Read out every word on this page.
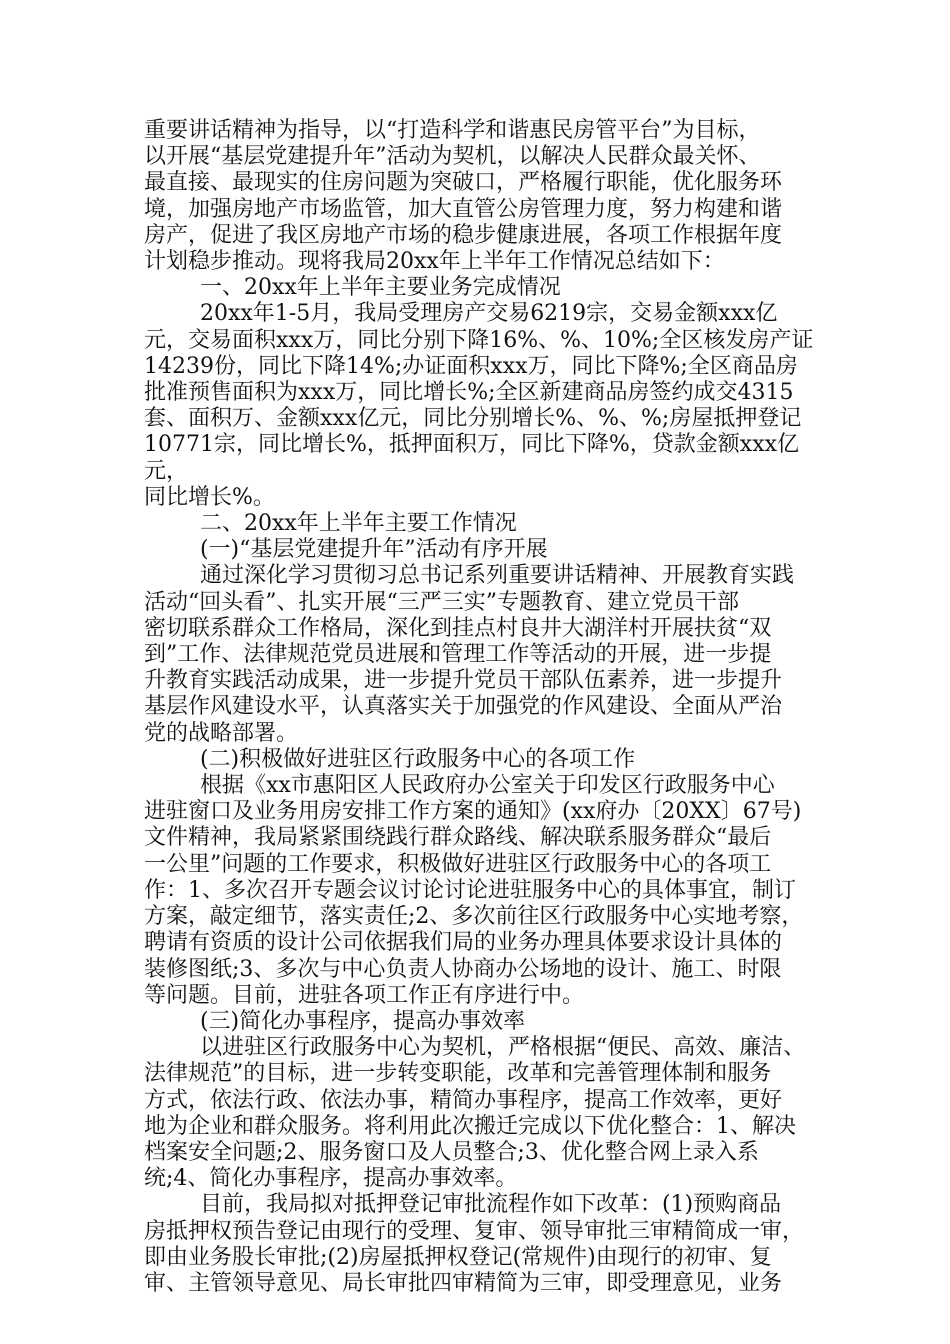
重要讲话精神为指导，以“打造科学和谐惠民房管平台”为目标，
以开展“基层党建提升年”活动为契机，以解决人民群众最关怀、
最直接、最现实的住房问题为突破口，严格履行职能，优化服务环
境，加强房地产市场监管，加大直管公房管理力度，努力构建和谐
房产，促进了我区房地产市场的稳步健康进展，各项工作根据年度
计划稳步推动。现将我局20xx年上半年工作情况总结如下：

一、20xx年上半年主要业务完成情况

20xx年1-5月，我局受理房产交易6219宗，交易金额xxx亿
元，交易面积xxx万，同比分别下降16%、%、10%;全区核发房产证
14239份，同比下降14%;办证面积xxx万，同比下降%;全区商品房
批准预售面积为xxx万，同比增长%;全区新建商品房签约成交4315
套、面积万、金额xxx亿元，同比分别增长%、%、%;房屋抵押登记
10771宗，同比增长%，抵押面积万，同比下降%，贷款金额xxx亿元，
同比增长%。

二、20xx年上半年主要工作情况

(一)“基层党建提升年”活动有序开展

通过深化学习贯彻习总书记系列重要讲话精神、开展教育实践
活动“回头看”、扎实开展“三严三实”专题教育、建立党员干部
密切联系群众工作格局，深化到挂点村良井大湖洋村开展扶贫“双
到”工作、法律规范党员进展和管理工作等活动的开展，进一步提
升教育实践活动成果，进一步提升党员干部队伍素养，进一步提升
基层作风建设水平，认真落实关于加强党的作风建设、全面从严治
党的战略部署。

(二)积极做好进驻区行政服务中心的各项工作

根据《xx市惠阳区人民政府办公室关于印发区行政服务中心
进驻窗口及业务用房安排工作方案的通知》(xx府办〔20XX〕67号)
文件精神，我局紧紧围绕践行群众路线、解决联系服务群众“最后
一公里”问题的工作要求，积极做好进驻区行政服务中心的各项工
作：1、多次召开专题会议讨论讨论进驻服务中心的具体事宜，制订
方案，敲定细节，落实责任;2、多次前往区行政服务中心实地考察，
聘请有资质的设计公司依据我们局的业务办理具体要求设计具体的
装修图纸;3、多次与中心负责人协商办公场地的设计、施工、时限
等问题。目前，进驻各项工作正有序进行中。

(三)简化办事程序，提高办事效率

以进驻区行政服务中心为契机，严格根据“便民、高效、廉洁、
法律规范”的目标，进一步转变职能，改革和完善管理体制和服务
方式，依法行政、依法办事，精简办事程序，提高工作效率，更好
地为企业和群众服务。将利用此次搬迁完成以下优化整合：1、解决
档案安全问题;2、服务窗口及人员整合;3、优化整合网上录入系
统;4、简化办事程序，提高办事效率。

目前，我局拟对抵押登记审批流程作如下改革：(1)预购商品
房抵押权预告登记由现行的受理、复审、领导审批三审精简成一审，
即由业务股长审批;(2)房屋抵押权登记(常规件)由现行的初审、复
审、主管领导意见、局长审批四审精简为三审，即受理意见，业务
